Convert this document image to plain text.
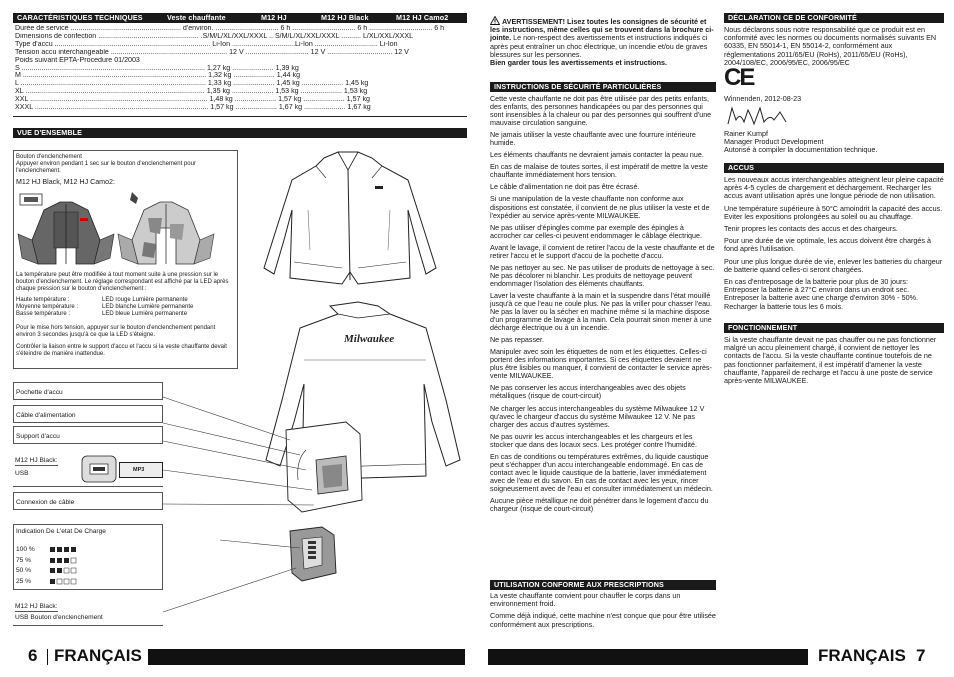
CARACTÉRISTIQUES TECHNIQUES	Veste chauffante	M12 HJ	M12 HJ Black	M12 HJ Camo2
Durée de service ........................................................ d'environ. ................................ 6 h ................................ 6 h ................................ 6 h
Dimensions de confection ................................................... .S/M/L/XL/XXL/XXXL .. S/M/L/XL/XXL/XXXL .......... L/XL/XXL/XXXL
Type d'accu ............................................................................... Li-Ion ................................Li-Ion ................................ Li-Ion
Tension accu interchangeable ........................................................... 12 V ................................ 12 V ................................. 12 V
Poids suivant EPTA-Procedure 01/2003
S ............................................................................................. 1,27 kg ..................... 1,39 kg
M ............................................................................................. 1,32 kg ..................... 1,44 kg
L .............................................................................................. 1,33 kg ..................... 1,45 kg ..................... 1,45 kg
XL ........................................................................................... 1,35 kg ..................... 1,53 kg ..................... 1,53 kg
XXL .......................................................................................... 1,48 kg ..................... 1,57 kg ..................... 1,57 kg
XXXL ........................................................................................ 1,57 kg ..................... 1,67 kg ..................... 1,67 kg
VUE D'ENSEMBLE
Bouton d'enclenchement
Appuyer environ pendant 1 sec sur le bouton d'enclenchement pour l'enclenchement.
M12 HJ Black, M12 HJ Camo2:
La température peut être modifiée à tout moment suite à une pression sur le bouton d'enclenchement. Le réglage correspondant est affiché par la LED après chaque pression sur le bouton d'enclenchement :
Haute température :	LED rouge Lumière permanente
Moyenne température :	LED blanche Lumière permanente
Basse température :	LED bleue Lumière permanente
Pour le mise hors tension, appuyer sur le bouton d'enclenchement pendant environ 3 secondes jusqu'à ce que la LED s'éteigne.
Contrôler la liaison entre le support d'accu et l'accu si la veste chauffante devait s'éteindre de manière inattendue.
Milwaukee
Pochette d'accu
Câble d'alimentation
Support d'accu
M12 HJ Black:
USB	MP3
Connexion de câble
Indication De L'etat De Charge
100 %
75 %
50 %
25 %
M12 HJ Black:
USB Bouton d'enclenchement
FRANÇAIS
6
AVERTISSEMENT! Lisez toutes les consignes de sécurité et les instructions, même celles qui se trouvent dans la brochure ci-jointe. Le non-respect des avertissements et instructions indiqués ci après peut entraîner un choc électrique, un incendie et/ou de graves blessures sur les personnes.
Bien garder tous les avertissements et instructions.
INSTRUCTIONS DE SÉCURITÉ PARTICULIÈRES

Cette veste chauffante ne doit pas être utilisée par des petits enfants, des enfants, des personnes handicapées ou par des personnes qui sont insensibles à la chaleur ou par des personnes qui souffrent d'une mauvaise circulation sanguine.

Ne jamais utiliser la veste chauffante avec une fourrure intérieure humide.

Les éléments chauffants ne devraient jamais contacter la peau nue.

En cas de malaise de toutes sortes, il est impératif de mettre la veste chauffante immédiatement hors tension.

Le câble d'alimentation ne doit pas être écrasé.

Si une manipulation de la veste chauffante non conforme aux dispositions est constatée, il convient de ne plus utiliser la veste et de l'expédier au service après-vente MILWAUKEE.

Ne pas utiliser d'épingles comme par exemple des épingles à accrocher car celles-ci peuvent endommager le câblage électrique.

Avant le lavage, il convient de retirer l'accu de la veste chauffante et de retirer l'accu et le support d'accu de la pochette d'accu.

Ne pas nettoyer au sec. Ne pas utiliser de produits de nettoyage à sec. Ne pas décolorer ni blanchir. Les produits de nettoyage peuvent endommager l'isolation des éléments chauffants.

Laver la veste chauffante à la main et la suspendre dans l'état mouillé jusqu'à ce que l'eau ne coule plus. Ne pas la vriller pour chasser l'eau. Ne pas la laver ou la sécher en machine même si la machine dispose d'un programme de lavage à la main. Cela pourrait sinon mener à une décharge électrique ou à un incendie.

Ne pas repasser.

Manipuler avec soin les étiquettes de nom et les étiquettes. Celles-ci portent des informations importantes. Si ces étiquettes devaient ne plus être lisibles ou manquer, il convient de contacter le service après-vente MILWAUKEE.

Ne pas conserver les accus interchangeables avec des objets métalliques (risque de court-circuit)

Ne charger les accus interchangeables du système Milwaukee 12 V qu'avec le chargeur d'accus du système Milwaukee 12 V. Ne pas charger des accus d'autres systèmes.

Ne pas ouvrir les accus interchangeables et les chargeurs et les stocker que dans des locaux secs. Les protéger contre l'humidité.

En cas de conditions ou températures extrêmes, du liquide caustique peut s'échapper d'un accu interchangeable endommagé. En cas de contact avec le liquide caustique de la batterie, laver immédiatement avec de l'eau et du savon. En cas de contact avec les yeux, rincer soigneusement avec de l'eau et consulter immédiatement un médecin.

Aucune pièce métallique ne doit pénétrer dans le logement d'accu du chargeur (risque de court-circuit)

UTILISATION CONFORME AUX PRESCRIPTIONS

La veste chauffante convient pour chauffer le corps dans un environnement froid.

Comme déjà indiqué, cette machine n'est conçue que pour être utilisée conformément aux prescriptions.

DÉCLARATION CE DE CONFORMITÉ
Nous déclarons sous notre responsabilité que ce produit est en conformité avec les normes ou documents normalisés suivants EN 60335, EN 55014-1, EN 55014-2, conformément aux réglementations 2011/65/EU (RoHs), 2011/65/EU (RoHs), 2004/108/EC, 2006/95/EC, 2006/95/EC
CE
Winnenden, 2012-08-23
Rainer Kumpf
Manager Product Development
Autorisé à compiler la documentation technique.
ACCUS

Les nouveaux accus interchangeables atteignent leur pleine capacité après 4-5 cycles de chargement et déchargement. Recharger les accus avant utilisation après une longue période de non utilisation.

Une température supérieure à 50°C amoindrit la capacité des accus. Eviter les expositions prolongées au soleil ou au chauffage.

Tenir propres les contacts des accus et des chargeurs.

Pour une durée de vie optimale, les accus doivent être chargés à fond après l'utilisation.

Pour une plus longue durée de vie, enlever les batteries du chargeur de batterie quand celles-ci seront chargées.

En cas d'entreposage de la batterie pour plus de 30 jours: Entreposer la batterie à 27°C environ dans un endroit sec. Entreposer la batterie avec une charge d'environ 30% - 50%. Recharger la batterie tous les 6 mois.

FONCTIONNEMENT
Si la veste chauffante devait ne pas chauffer ou ne pas fonctionner malgré un accu pleinement chargé, il convient de nettoyer les contacts de l'accu. Si la veste chauffante continue toutefois de ne pas fonctionner parfaitement, il est impératif d'amener la veste chauffante, l'appareil de recharge et l'accu à une poste de service après-vente MILWAUKEE.
FRANÇAIS 7
